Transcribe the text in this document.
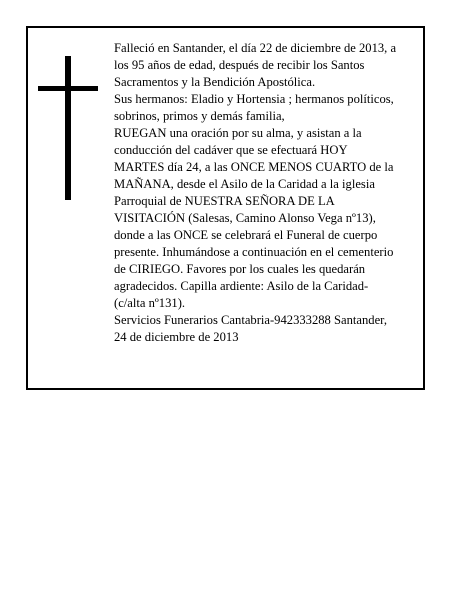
Falleció en Santander, el día 22 de diciembre de 2013, a
los 95 años de edad, después de recibir los Santos
Sacramentos y la Bendición Apostólica.
Sus hermanos: Eladio y Hortensia ; hermanos políticos,
sobrinos, primos y demás familia,
RUEGAN una oración por su alma, y asistan a la
conducción del cadáver que se efectuará HOY
MARTES día 24, a las ONCE MENOS CUARTO de la
MAÑANA, desde el Asilo de la Caridad a la iglesia
Parroquial de NUESTRA SEÑORA DE LA
VISITACIÓN (Salesas, Camino Alonso Vega nº13),
donde a las ONCE se celebrará el Funeral de cuerpo
presente. Inhumándose a continuación en el cementerio
de CIRIEGO. Favores por los cuales les quedarán
agradecidos. Capilla ardiente: Asilo de la Caridad-
(c/alta nº131).
Servicios Funerarios Cantabria-942333288 Santander,
24 de diciembre de 2013
